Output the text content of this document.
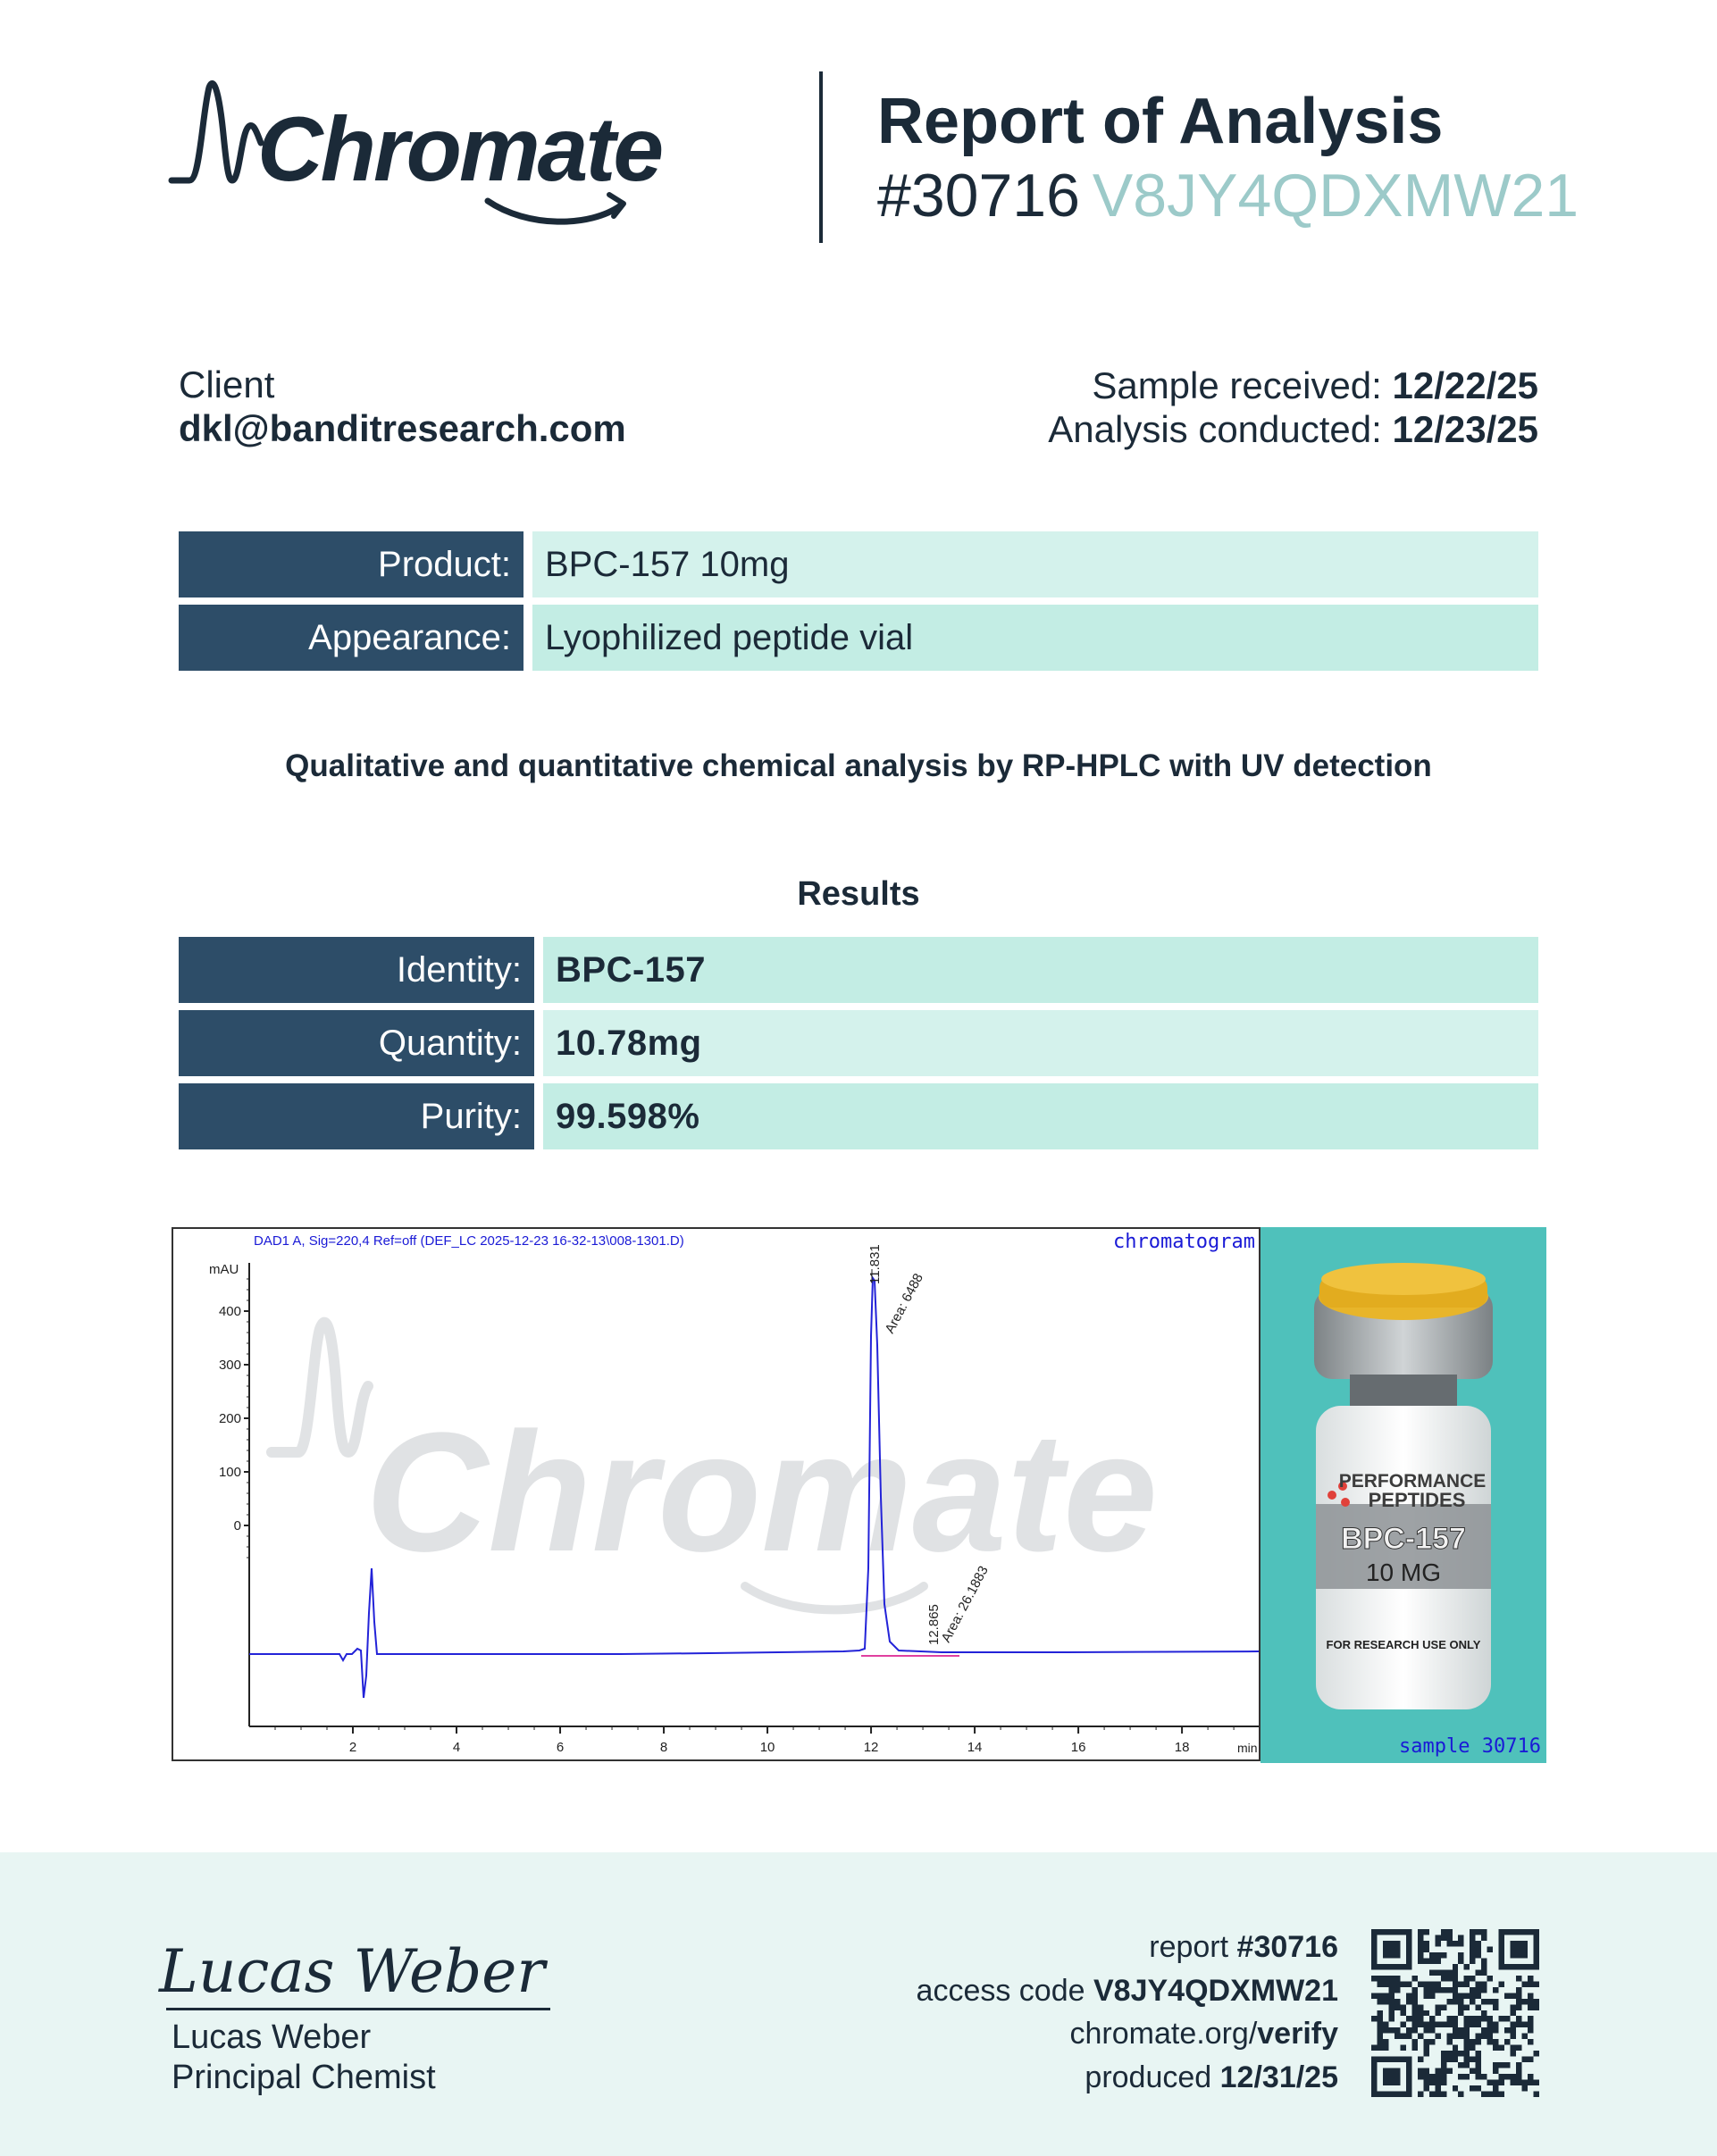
Chromate	Report of Analysis
#30716 V8JY4QDXMW21
Client
dkl@banditresearch.com
Sample received: 12/22/25
Analysis conducted: 12/23/25
Product: BPC-157 10mg
Appearance: Lyophilized peptide vial
Qualitative and quantitative chemical analysis by RP-HPLC with UV detection
Results
Identity: BPC-157
Quantity: 10.78mg
Purity: 99.598%
Chromate
DAD1 A, Sig=220,4 Ref=off (DEF_LC 2025-12-23 16-32-13\008-1301.D)
mAU
400
300
200
100
0
2	4	6	8	10	12	14	16	18	min
11.831
Area: 6488
12.865
Area: 26.1883
chromatogram
PERFORMANCE
PEPTIDES
BPC-157
10 MG
FOR RESEARCH USE ONLY
sample 30716
Lucas Weber
Lucas Weber
Principal Chemist
report #30716
access code V8JY4QDXMW21
chromate.org/verify
produced 12/31/25
